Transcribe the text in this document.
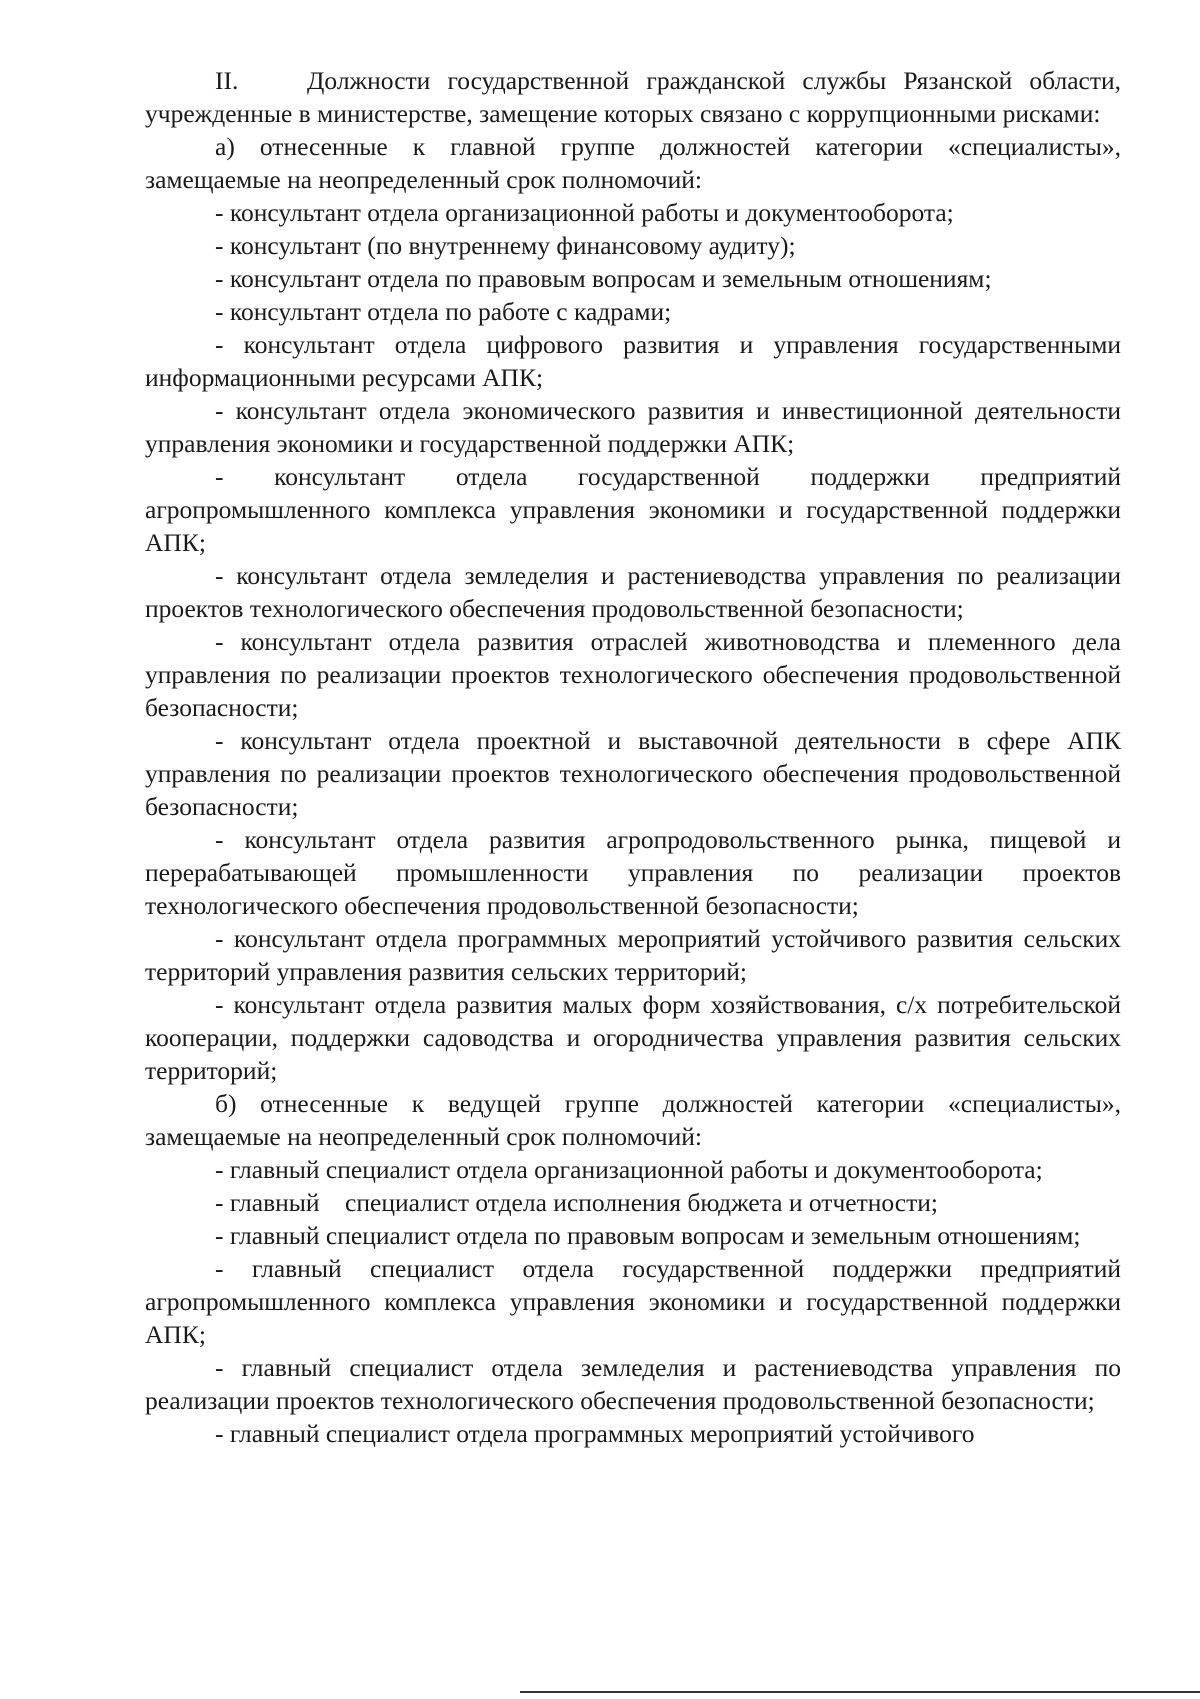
II.    Должности государственной гражданской службы Рязанской области, учрежденные в министерстве, замещение которых связано с коррупционными рисками:

а) отнесенные к главной группе должностей категории «специалисты», замещаемые на неопределенный срок полномочий:

- консультант отдела организационной работы и документооборота;

- консультант (по внутреннему финансовому аудиту);

- консультант отдела по правовым вопросам и земельным отношениям;

- консультант отдела по работе с кадрами;

- консультант отдела цифрового развития и управления государственными информационными ресурсами АПК;

- консультант отдела экономического развития и инвестиционной деятельности управления экономики и государственной поддержки АПК;

- консультант отдела государственной поддержки предприятий агропромышленного комплекса управления экономики и государственной поддержки АПК;

- консультант отдела земледелия и растениеводства управления по реализации проектов технологического обеспечения продовольственной безопасности;

- консультант отдела развития отраслей животноводства и племенного дела управления по реализации проектов технологического обеспечения продовольственной безопасности;

- консультант отдела проектной и выставочной деятельности в сфере АПК управления по реализации проектов технологического обеспечения продовольственной безопасности;

- консультант отдела развития агропродовольственного рынка, пищевой и перерабатывающей промышленности управления по реализации проектов технологического обеспечения продовольственной безопасности;

- консультант отдела программных мероприятий устойчивого развития сельских территорий управления развития сельских территорий;

- консультант отдела развития малых форм хозяйствования, с/х потребительской кооперации, поддержки садоводства и огородничества управления развития сельских территорий;

б) отнесенные к ведущей группе должностей категории «специалисты», замещаемые на неопределенный срок полномочий:

- главный специалист отдела организационной работы и документооборота;

- главный    специалист отдела исполнения бюджета и отчетности;

- главный специалист отдела по правовым вопросам и земельным отношениям;

- главный специалист отдела государственной поддержки предприятий агропромышленного комплекса управления экономики и государственной поддержки АПК;

- главный специалист отдела земледелия и растениеводства управления по реализации проектов технологического обеспечения продовольственной безопасности;

- главный специалист отдела программных мероприятий устойчивого
